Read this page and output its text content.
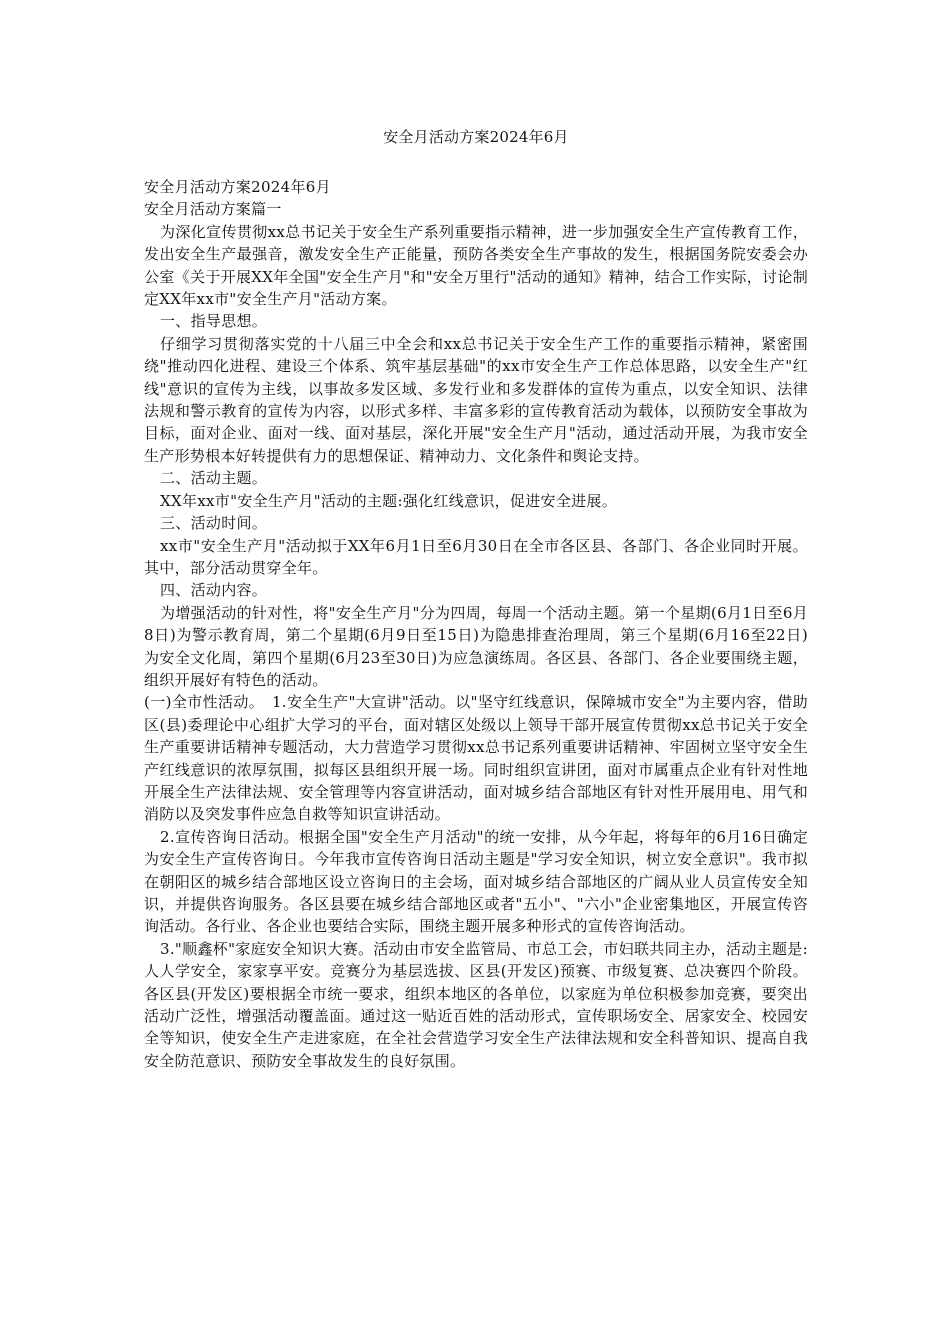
安全月活动方案2024年6月

安全月活动方案2024年6月

安全月活动方案篇一

为深化宣传贯彻xx总书记关于安全生产系列重要指示精神，进一步加强安全生产宣传教育工作，发出安全生产最强音，激发安全生产正能量，预防各类安全生产事故的发生，根据国务院安委会办公室《关于开展XX年全国"安全生产月"和"安全万里行"活动的通知》精神，结合工作实际，讨论制定XX年xx市"安全生产月"活动方案。

一、指导思想。

仔细学习贯彻落实党的十八届三中全会和xx总书记关于安全生产工作的重要指示精神，紧密围绕"推动四化进程、建设三个体系、筑牢基层基础"的xx市安全生产工作总体思路，以安全生产"红线"意识的宣传为主线，以事故多发区域、多发行业和多发群体的宣传为重点，以安全知识、法律法规和警示教育的宣传为内容，以形式多样、丰富多彩的宣传教育活动为载体，以预防安全事故为目标，面对企业、面对一线、面对基层，深化开展"安全生产月"活动，通过活动开展，为我市安全生产形势根本好转提供有力的思想保证、精神动力、文化条件和舆论支持。

二、活动主题。

XX年xx市"安全生产月"活动的主题:强化红线意识，促进安全进展。

三、活动时间。

xx市"安全生产月"活动拟于XX年6月1日至6月30日在全市各区县、各部门、各企业同时开展。其中，部分活动贯穿全年。

四、活动内容。

为增强活动的针对性，将"安全生产月"分为四周，每周一个活动主题。第一个星期(6月1日至6月8日)为警示教育周，第二个星期(6月9日至15日)为隐患排查治理周，第三个星期(6月16至22日)为安全文化周，第四个星期(6月23至30日)为应急演练周。各区县、各部门、各企业要围绕主题，组织开展好有特色的活动。

(一)全市性活动。　1.安全生产"大宣讲"活动。以"坚守红线意识，保障城市安全"为主要内容，借助区(县)委理论中心组扩大学习的平台，面对辖区处级以上领导干部开展宣传贯彻xx总书记关于安全生产重要讲话精神专题活动，大力营造学习贯彻xx总书记系列重要讲话精神、牢固树立坚守安全生产红线意识的浓厚氛围，拟每区县组织开展一场。同时组织宣讲团，面对市属重点企业有针对性地开展全生产法律法规、安全管理等内容宣讲活动，面对城乡结合部地区有针对性开展用电、用气和消防以及突发事件应急自救等知识宣讲活动。

2.宣传咨询日活动。根据全国"安全生产月活动"的统一安排，从今年起，将每年的6月16日确定为安全生产宣传咨询日。今年我市宣传咨询日活动主题是"学习安全知识，树立安全意识"。我市拟在朝阳区的城乡结合部地区设立咨询日的主会场，面对城乡结合部地区的广阔从业人员宣传安全知识，并提供咨询服务。各区县要在城乡结合部地区或者"五小"、"六小"企业密集地区，开展宣传咨询活动。各行业、各企业也要结合实际，围绕主题开展多种形式的宣传咨询活动。

3."顺鑫杯"家庭安全知识大赛。活动由市安全监管局、市总工会，市妇联共同主办，活动主题是:人人学安全，家家享平安。竞赛分为基层选拔、区县(开发区)预赛、市级复赛、总决赛四个阶段。各区县(开发区)要根据全市统一要求，组织本地区的各单位，以家庭为单位积极参加竞赛，要突出活动广泛性，增强活动覆盖面。通过这一贴近百姓的活动形式，宣传职场安全、居家安全、校园安全等知识，使安全生产走进家庭，在全社会营造学习安全生产法律法规和安全科普知识、提高自我安全防范意识、预防安全事故发生的良好氛围。
